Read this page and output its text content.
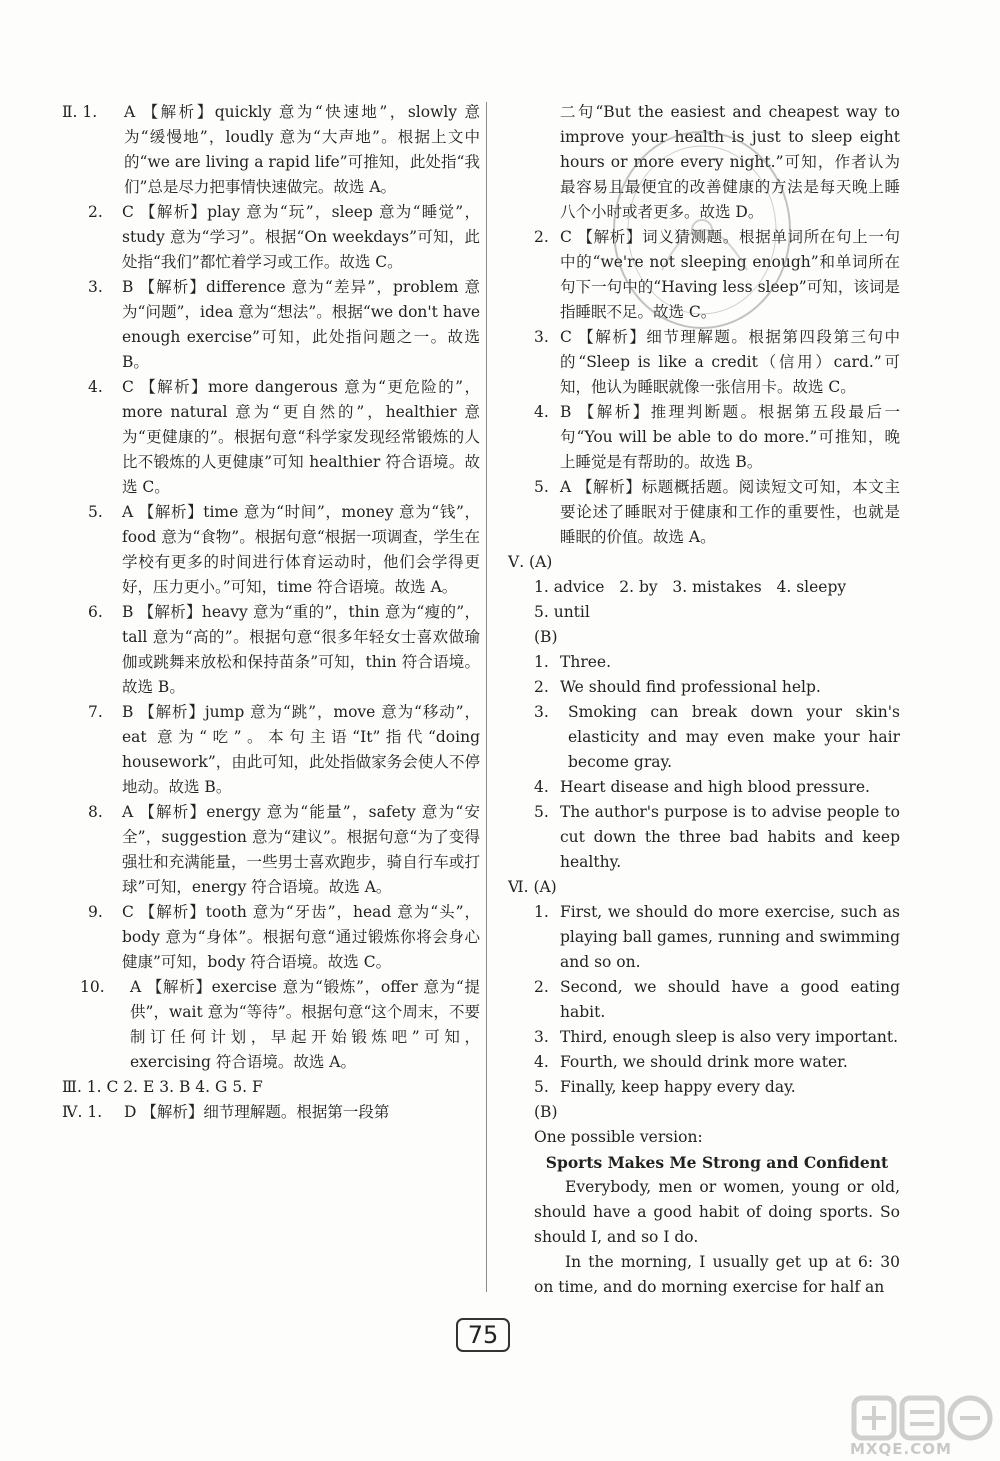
Ⅱ. 1.	A 【解析】quickly 意为“快速地”，slowly 意为“缓慢地”，loudly 意为“大声地”。根据上文中的“we are living a rapid life”可推知，此处指“我们”总是尽力把事情快速做完。故选 A。
2.	C 【解析】play 意为“玩”，sleep 意为“睡觉”，study 意为“学习”。根据“On weekdays”可知，此处指“我们”都忙着学习或工作。故选 C。
3.	B 【解析】difference 意为“差异”，problem 意为“问题”，idea 意为“想法”。根据“we don't have enough exercise”可知，此处指问题之一。故选 B。
4.	C 【解析】more dangerous 意为“更危险的”，more natural 意为“更自然的”，healthier 意为“更健康的”。根据句意“科学家发现经常锻炼的人比不锻炼的人更健康”可知 healthier 符合语境。故选 C。
5.	A 【解析】time 意为“时间”，money 意为“钱”，food 意为“食物”。根据句意“根据一项调查，学生在学校有更多的时间进行体育运动时，他们会学得更好，压力更小。”可知，time 符合语境。故选 A。
6.	B 【解析】heavy 意为“重的”，thin 意为“瘦的”，tall 意为“高的”。根据句意“很多年轻女士喜欢做瑜伽或跳舞来放松和保持苗条”可知，thin 符合语境。故选 B。
7.	B 【解析】jump 意为“跳”，move 意为“移动”，eat 意为“吃”。本句主语“It”指代“doing housework”，由此可知，此处指做家务会使人不停地动。故选 B。
8.	A 【解析】energy 意为“能量”，safety 意为“安全”，suggestion 意为“建议”。根据句意“为了变得强壮和充满能量，一些男士喜欢跑步，骑自行车或打球”可知，energy 符合语境。故选 A。
9.	C 【解析】tooth 意为“牙齿”，head 意为“头”，body 意为“身体”。根据句意“通过锻炼你将会身心健康”可知，body 符合语境。故选 C。
10.	A 【解析】exercise 意为“锻炼”，offer 意为“提供”，wait 意为“等待”。根据句意“这个周末，不要制订任何计划，早起开始锻炼吧”可知，exercising 符合语境。故选 A。
Ⅲ. 1. C 2. E 3. B 4. G 5. F
Ⅳ. 1.	D 【解析】细节理解题。根据第一段第
二句“But the easiest and cheapest way to improve your health is just to sleep eight hours or more every night.”可知，作者认为最容易且最便宜的改善健康的方法是每天晚上睡八个小时或者更多。故选 D。
2. C 【解析】词义猜测题。根据单词所在句上一句中的“we're not sleeping enough”和单词所在句下一句中的“Having less sleep”可知，该词是指睡眠不足。故选 C。
3. C 【解析】细节理解题。根据第四段第三句中的“Sleep is like a credit（信用）card.”可知，他认为睡眠就像一张信用卡。故选 C。
4. B 【解析】推理判断题。根据第五段最后一句“You will be able to do more.”可推知，晚上睡觉是有帮助的。故选 B。
5. A 【解析】标题概括题。阅读短文可知，本文主要论述了睡眠对于健康和工作的重要性，也就是睡眠的价值。故选 A。
Ⅴ. (A)
1. advice   2. by   3. mistakes   4. sleepy
5. until
(B)
1. Three.
2. We should find professional help.
3.	Smoking can break down your skin's elasticity and may even make your hair become gray.
4. Heart disease and high blood pressure.
5. The author's purpose is to advise people to cut down the three bad habits and keep healthy.
Ⅵ. (A)
1. First, we should do more exercise, such as playing ball games, running and swimming and so on.
2. Second, we should have a good eating habit.
3. Third, enough sleep is also very important.
4. Fourth, we should drink more water.
5. Finally, keep happy every day.
(B)
One possible version:
Sports Makes Me Strong and Confident
Everybody, men or women, young or old, should have a good habit of doing sports. So should I, and so I do.
In the morning, I usually get up at 6: 30 on time, and do morning exercise for half an
75
MXQE.COM
